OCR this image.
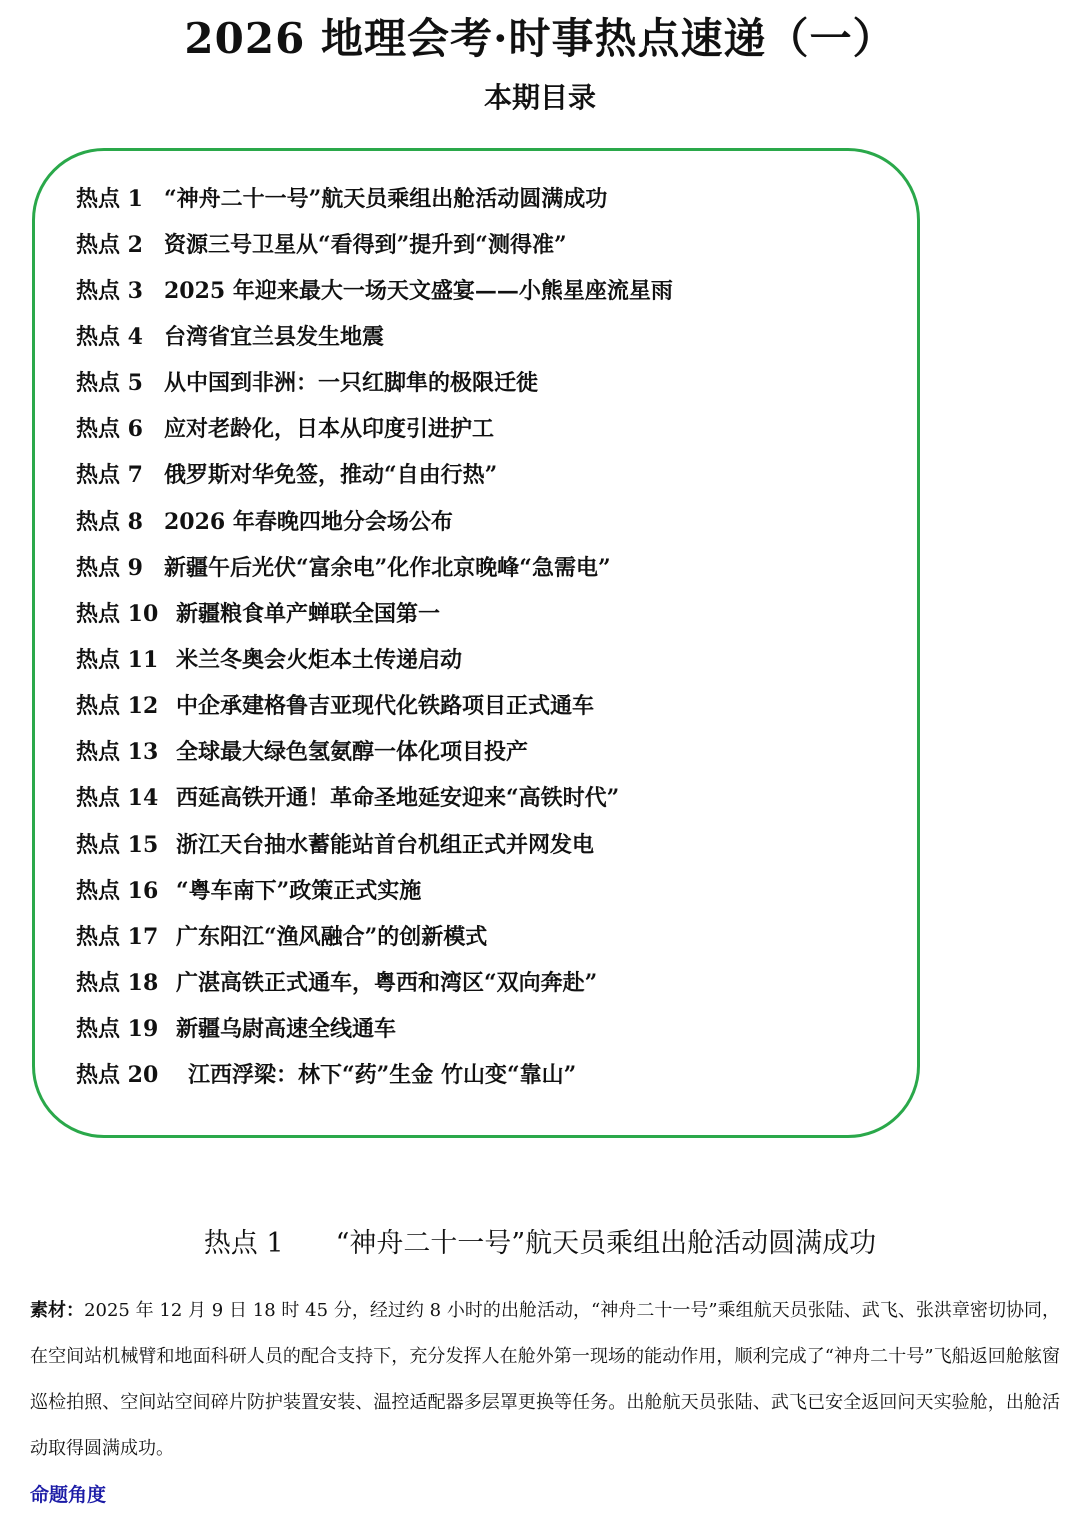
2026 地理会考·时事热点速递（一）
本期目录
热点 1 “神舟二十一号”航天员乘组出舱活动圆满成功
热点 2 资源三号卫星从“看得到”提升到“测得准”
热点 3 2025 年迎来最大一场天文盛宴——小熊星座流星雨
热点 4 台湾省宜兰县发生地震
热点 5 从中国到非洲：一只红脚隼的极限迁徙
热点 6 应对老龄化，日本从印度引进护工
热点 7 俄罗斯对华免签，推动“自由行热”
热点 8 2026 年春晚四地分会场公布
热点 9 新疆午后光伏“富余电”化作北京晚峰“急需电”
热点 10 新疆粮食单产蝉联全国第一
热点 11 米兰冬奥会火炬本土传递启动
热点 12 中企承建格鲁吉亚现代化铁路项目正式通车
热点 13 全球最大绿色氢氨醇一体化项目投产
热点 14 西延高铁开通！革命圣地延安迎来“高铁时代”
热点 15 浙江天台抽水蓄能站首台机组正式并网发电
热点 16 “粤车南下”政策正式实施
热点 17 广东阳江“渔风融合”的创新模式
热点 18 广湛高铁正式通车，粤西和湾区“双向奔赴”
热点 19 新疆乌尉高速全线通车
热点 20	江西浮梁：林下“药”生金 竹山变“靠山”
热点 1 “神舟二十一号”航天员乘组出舱活动圆满成功

素材：2025 年 12 月 9 日 18 时 45 分，经过约 8 小时的出舱活动，“神舟二十一号”乘组航天员张陆、武飞、张洪章密切协同，在空间站机械臂和地面科研人员的配合支持下，充分发挥人在舱外第一现场的能动作用，顺利完成了“神舟二十号”飞船返回舱舷窗巡检拍照、空间站空间碎片防护装置安装、温控适配器多层罩更换等任务。出舱航天员张陆、武飞已安全返回问天实验舱，出舱活动取得圆满成功。

命题角度
